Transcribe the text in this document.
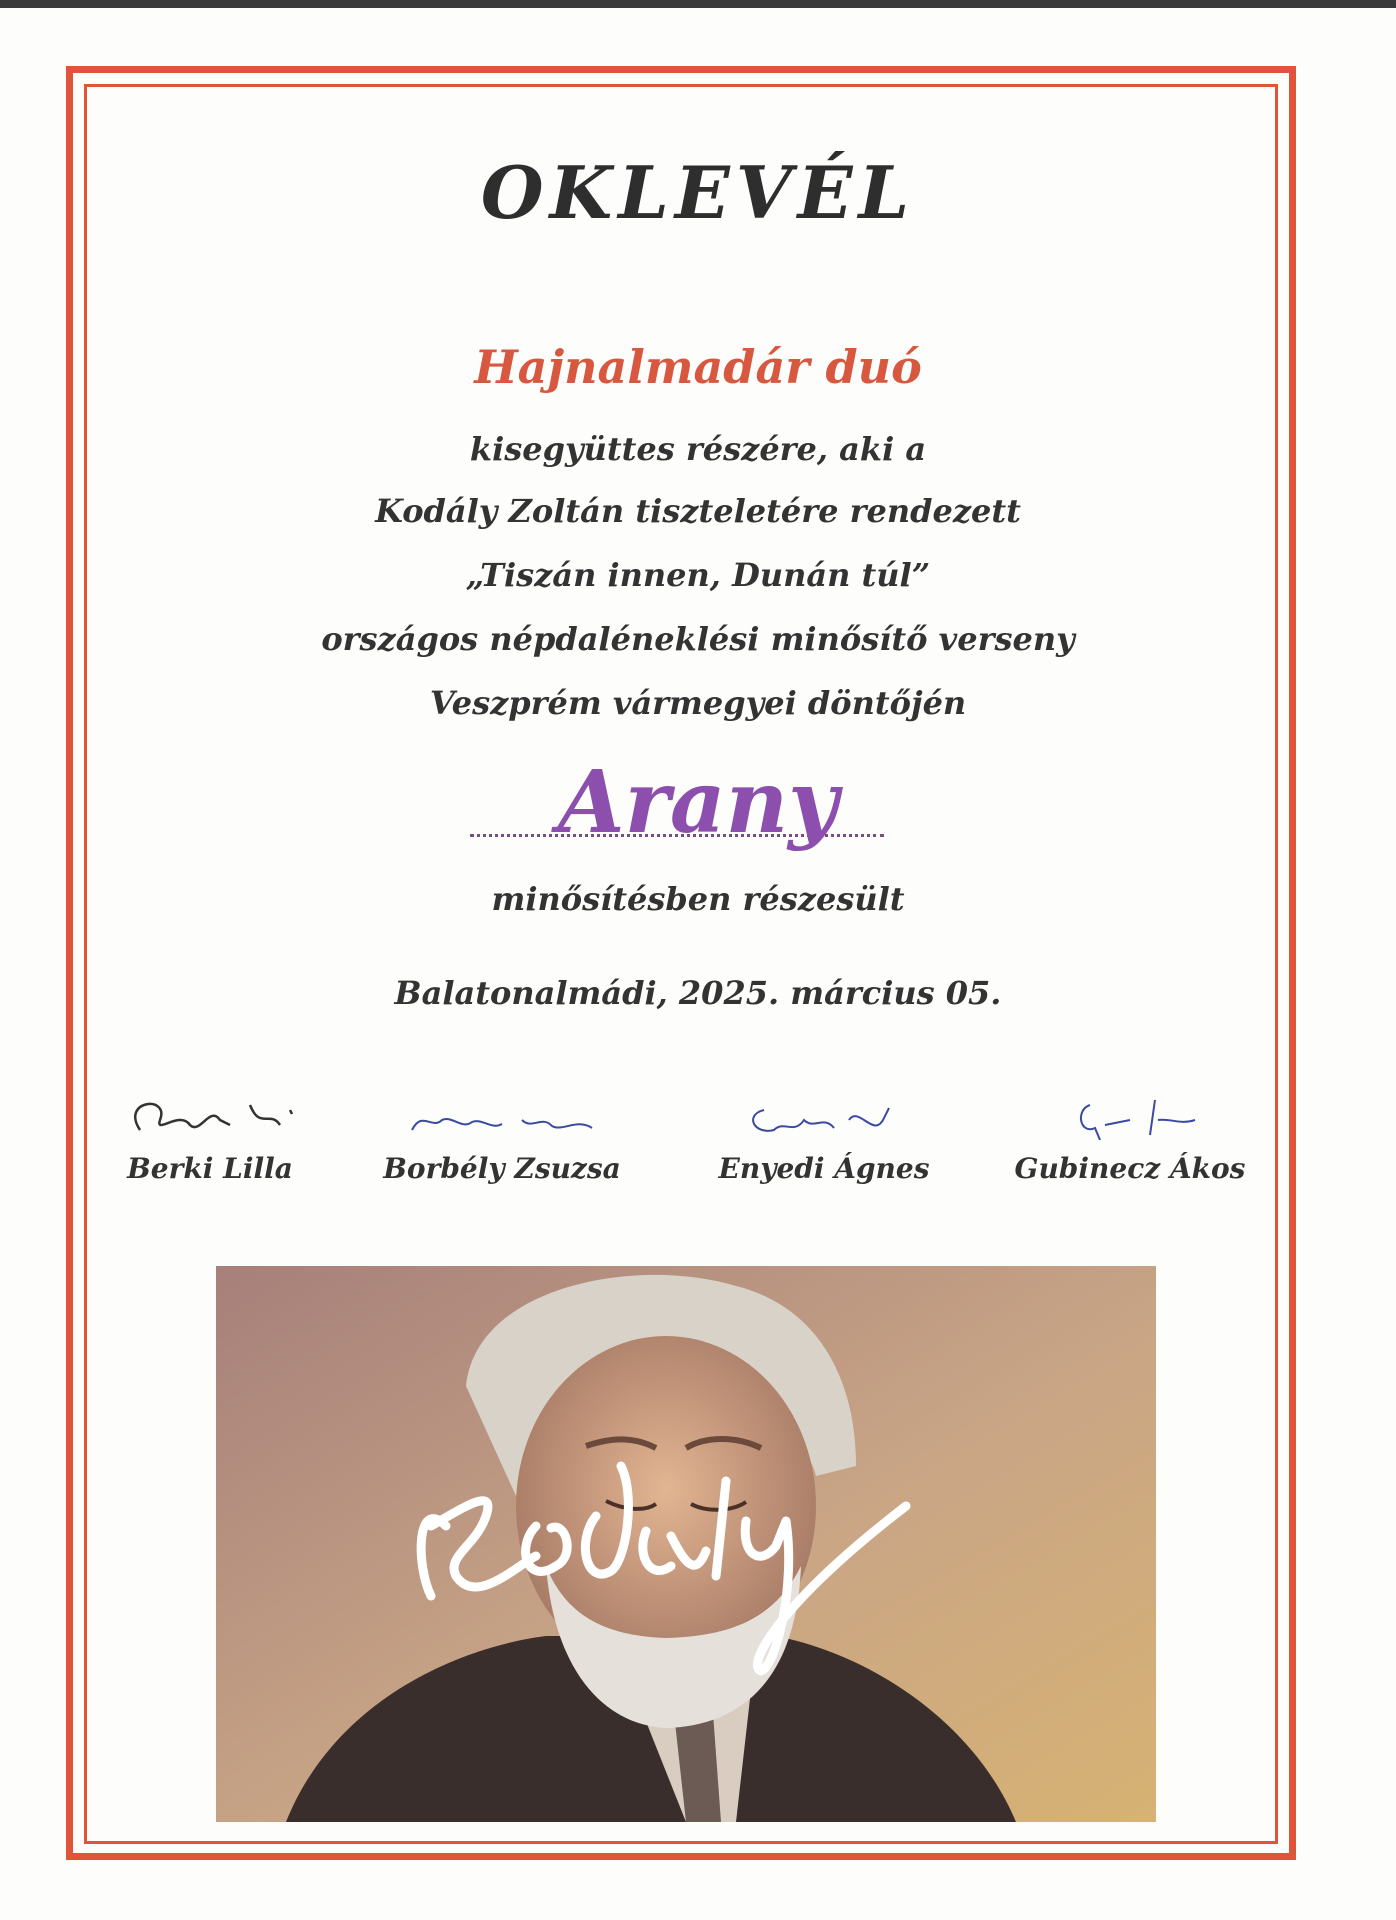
OKLEVÉL
Hajnalmadár duó
kisegyüttes részére, aki a
Kodály Zoltán tiszteletére rendezett
„Tiszán innen, Dunán túl”
országos népdaléneklési minősítő verseny
Veszprém vármegyei döntőjén
Arany
minősítésben részesült
Balatonalmádi, 2025. március 05.
Berki Lilla	Borbély Zsuzsa	Enyedi Ágnes	Gubinecz Ákos
